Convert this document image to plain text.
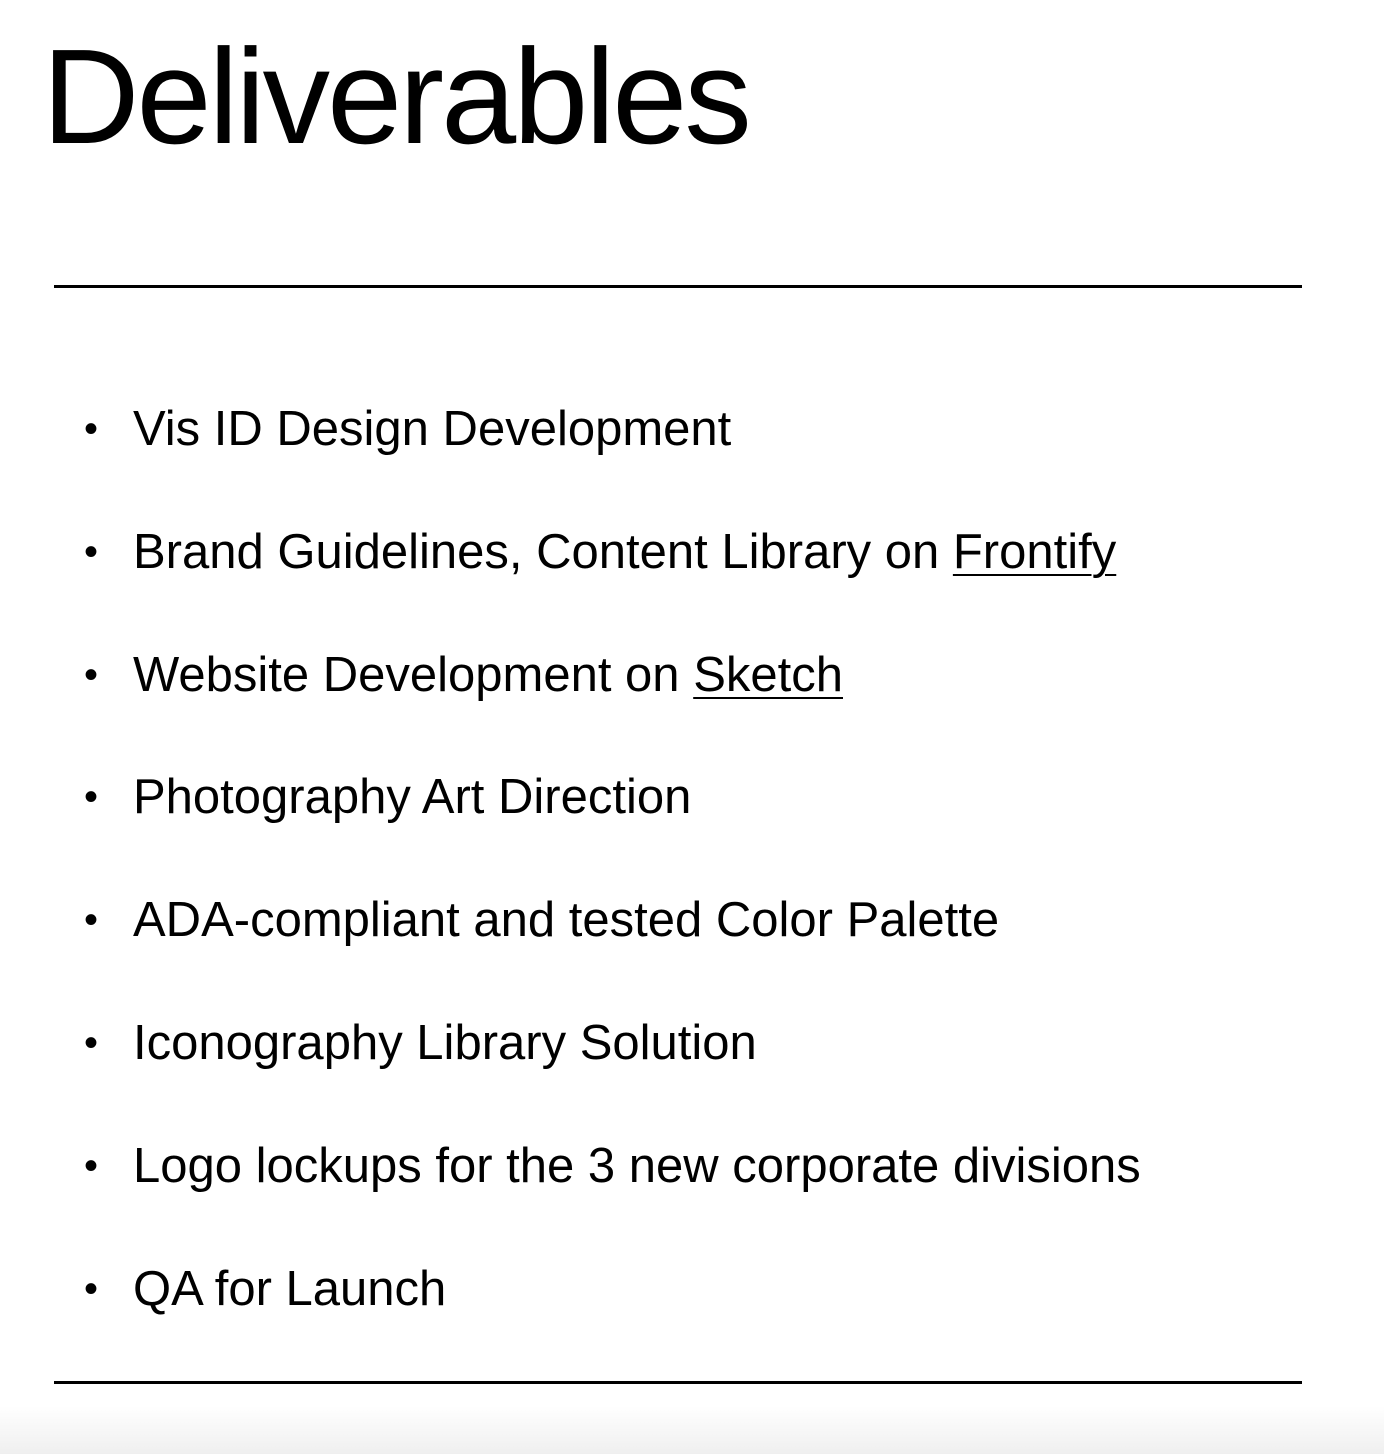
Deliverables
• Vis ID Design Development
• Brand Guidelines, Content Library on Frontify
• Website Development on Sketch
• Photography Art Direction
• ADA-compliant and tested Color Palette
• Iconography Library Solution
• Logo lockups for the 3 new corporate divisions
• QA for Launch
